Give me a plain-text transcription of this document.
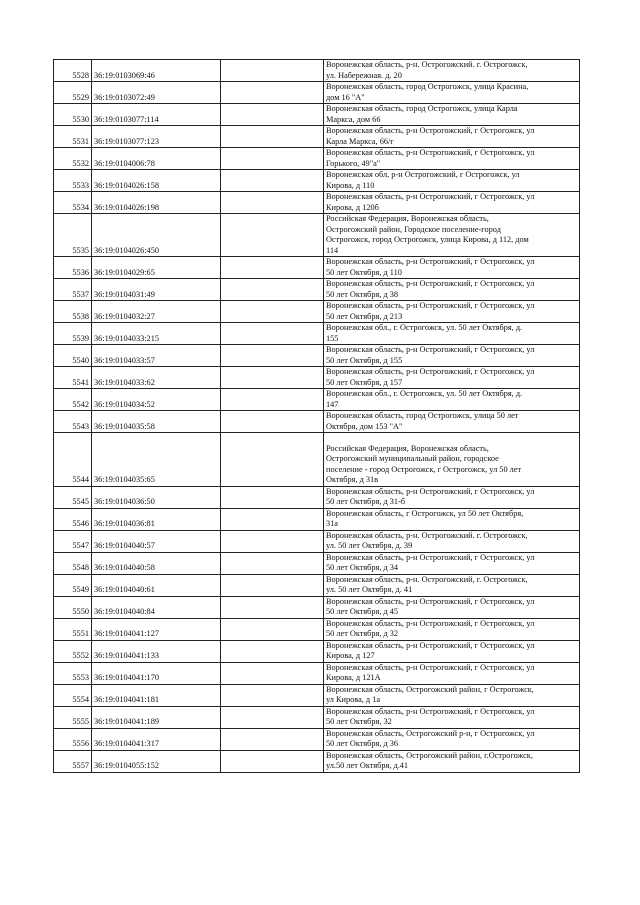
5528	36:19:0103069:46		Воронежская область, р-н. Острогожский. г. Острогожск,
ул. Набережная. д. 20
5529	36:19:0103072:49		Воронежская область, город Острогожск, улица Красина,
дом 16 "А"
5530	36:19:0103077:114		Воронежская область, город Острогожск, улица Карла
Маркса, дом 66
5531	36:19:0103077:123		Воронежская область, р-н Острогожский, г Острогожск, ул
Карла Маркса, 66/г
5532	36:19:0104006:78		Воронежская область, р-н Острогожский, г Острогожск, ул
Горького, 49"а"
5533	36:19:0104026:158		Воронежская обл, р-н Острогожский, г Острогожск, ул
Кирова, д 110
5534	36:19:0104026:198		Воронежская область, р-н Острогожский, г Острогожск, ул
Кирова, д 120б
5535	36:19:0104026:450		Российская Федерация, Воронежская область,
Острогожский район, Городское поселение-город
Острогожск, город Острогожск, улица Кирова, д 112, дом
114
5536	36:19:0104029:65		Воронежская область, р-н Острогожский, г Острогожск, ул
50 лет Октября, д 110
5537	36:19:0104031:49		Воронежская область, р-н Острогожский, г Острогожск, ул
50 лет Октября, д 38
5538	36:19:0104032:27		Воронежская область, р-н Острогожский, г Острогожск, ул
50 лет Октября, д 213
5539	36:19:0104033:215		Воронежская обл., г. Острогожск, ул. 50 лет Октября, д.
155
5540	36:19:0104033:57		Воронежская область, р-н Острогожский, г Острогожск, ул
50 лет Октября, д 155
5541	36:19:0104033:62		Воронежская область, р-н Острогожский, г Острогожск, ул
50 лет Октября, д 157
5542	36:19:0104034:52		Воронежская обл., г. Острогожск, ул. 50 лет Октября, д.
147
5543	36:19:0104035:58		Воронежская область, город Острогожск, улица 50 лет
Октября, дом 153 "А"
5544	36:19:0104035:65		
Российская Федерация, Воронежская область,
Острогожский муниципальный район, городское
поселение - город Острогожск, г Острогожск, ул 50 лет
Октября, д 31в
5545	36:19:0104036:50		Воронежская область, р-н Острогожский, г Острогожск, ул
50 лет Октября, д 31-б
5546	36:19:0104036:81		Воронежская область, г Острогожск, ул 50 лет Октября,
31а
5547	36:19:0104040:57		Воронежская область, р-н. Острогожский. г. Острогожск,
ул. 50 лет Октября, д. 39
5548	36:19:0104040:58		Воронежская область, р-н Острогожский, г Острогожск, ул
50 лет Октября, д 34
5549	36:19:0104040:61		Воронежская область, р-н. Острогожский, г. Острогожск,
ул. 50 лет Октября, д. 41
5550	36:19:0104040:84		Воронежская область, р-н Острогожский, г Острогожск, ул
50 лет Октября, д 45
5551	36:19:0104041:127		Воронежская область, р-н Острогожский, г Острогожск, ул
50 лет Октября, д 32
5552	36:19:0104041:133		Воронежская область, р-н Острогожский, г Острогожск, ул
Кирова, д 127
5553	36:19:0104041:170		Воронежская область, р-н Острогожский, г Острогожск, ул
Кирова, д 121А
5554	36:19:0104041:181		Воронежская область, Острогожский район, г Острогожск,
ул Кирова, д 1а
5555	36:19:0104041:189		Воронежская область, р-н Острогожский, г Острогожск, ул
50 лет Октября, 32
5556	36:19:0104041:317		Воронежская область, Острогожский р-н, г Острогожск, ул
50 лет Октября, д 36
5557	36:19:0104055:152		Воронежская область, Острогожский район, г.Острогожск,
ул.50 лет Октября, д.41
